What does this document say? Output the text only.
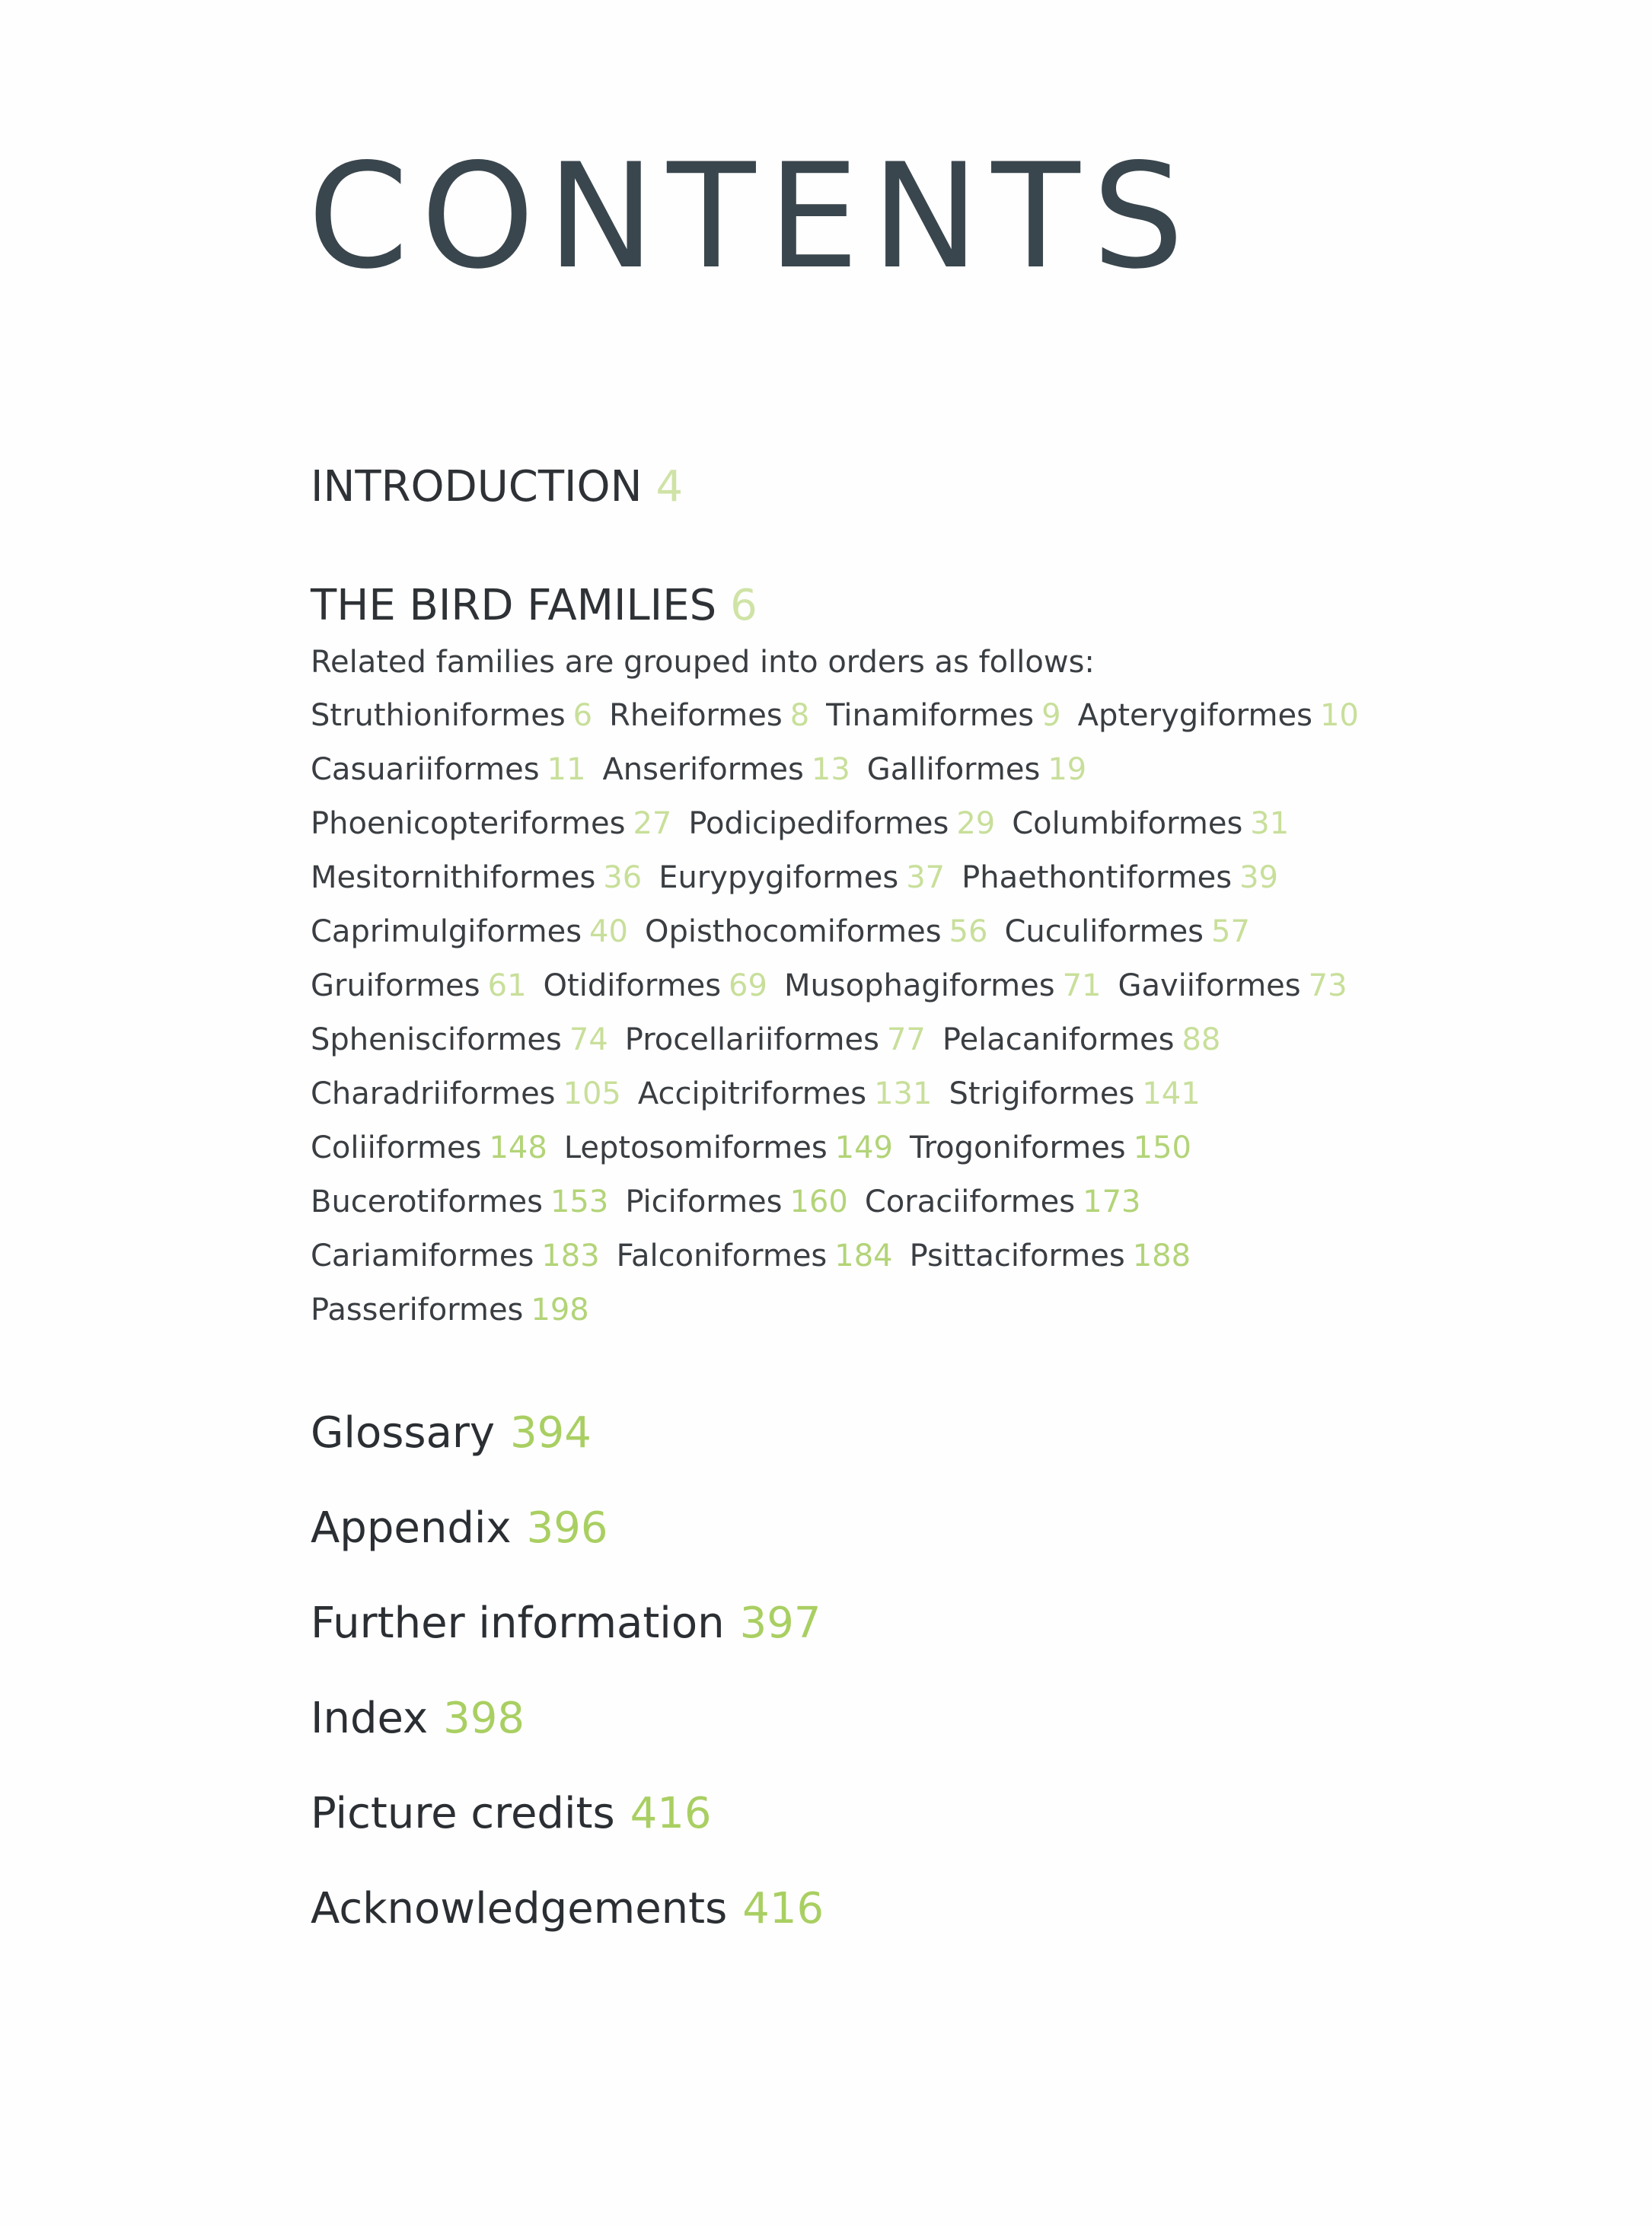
CONTENTS
INTRODUCTION 4
THE BIRD FAMILIES 6

Related families are grouped into orders as follows:

Struthioniformes 6 Rheiformes 8 Tinamiformes 9 Apterygiformes 10
Casuariiformes 11 Anseriformes 13 Galliformes 19
Phoenicopteriformes 27 Podicipediformes 29 Columbiformes 31
Mesitornithiformes 36 Eurypygiformes 37 Phaethontiformes 39
Caprimulgiformes 40 Opisthocomiformes 56 Cuculiformes 57
Gruiformes 61 Otidiformes 69 Musophagiformes 71 Gaviiformes 73
Sphenisciformes 74 Procellariiformes 77 Pelacaniformes 88
Charadriiformes 105 Accipitriformes 131 Strigiformes 141
Coliiformes 148 Leptosomiformes 149 Trogoniformes 150
Bucerotiformes 153 Piciformes 160 Coraciiformes 173
Cariamiformes 183 Falconiformes 184 Psittaciformes 188
Passeriformes 198
Glossary 394
Appendix 396
Further information 397
Index 398
Picture credits 416
Acknowledgements 416
